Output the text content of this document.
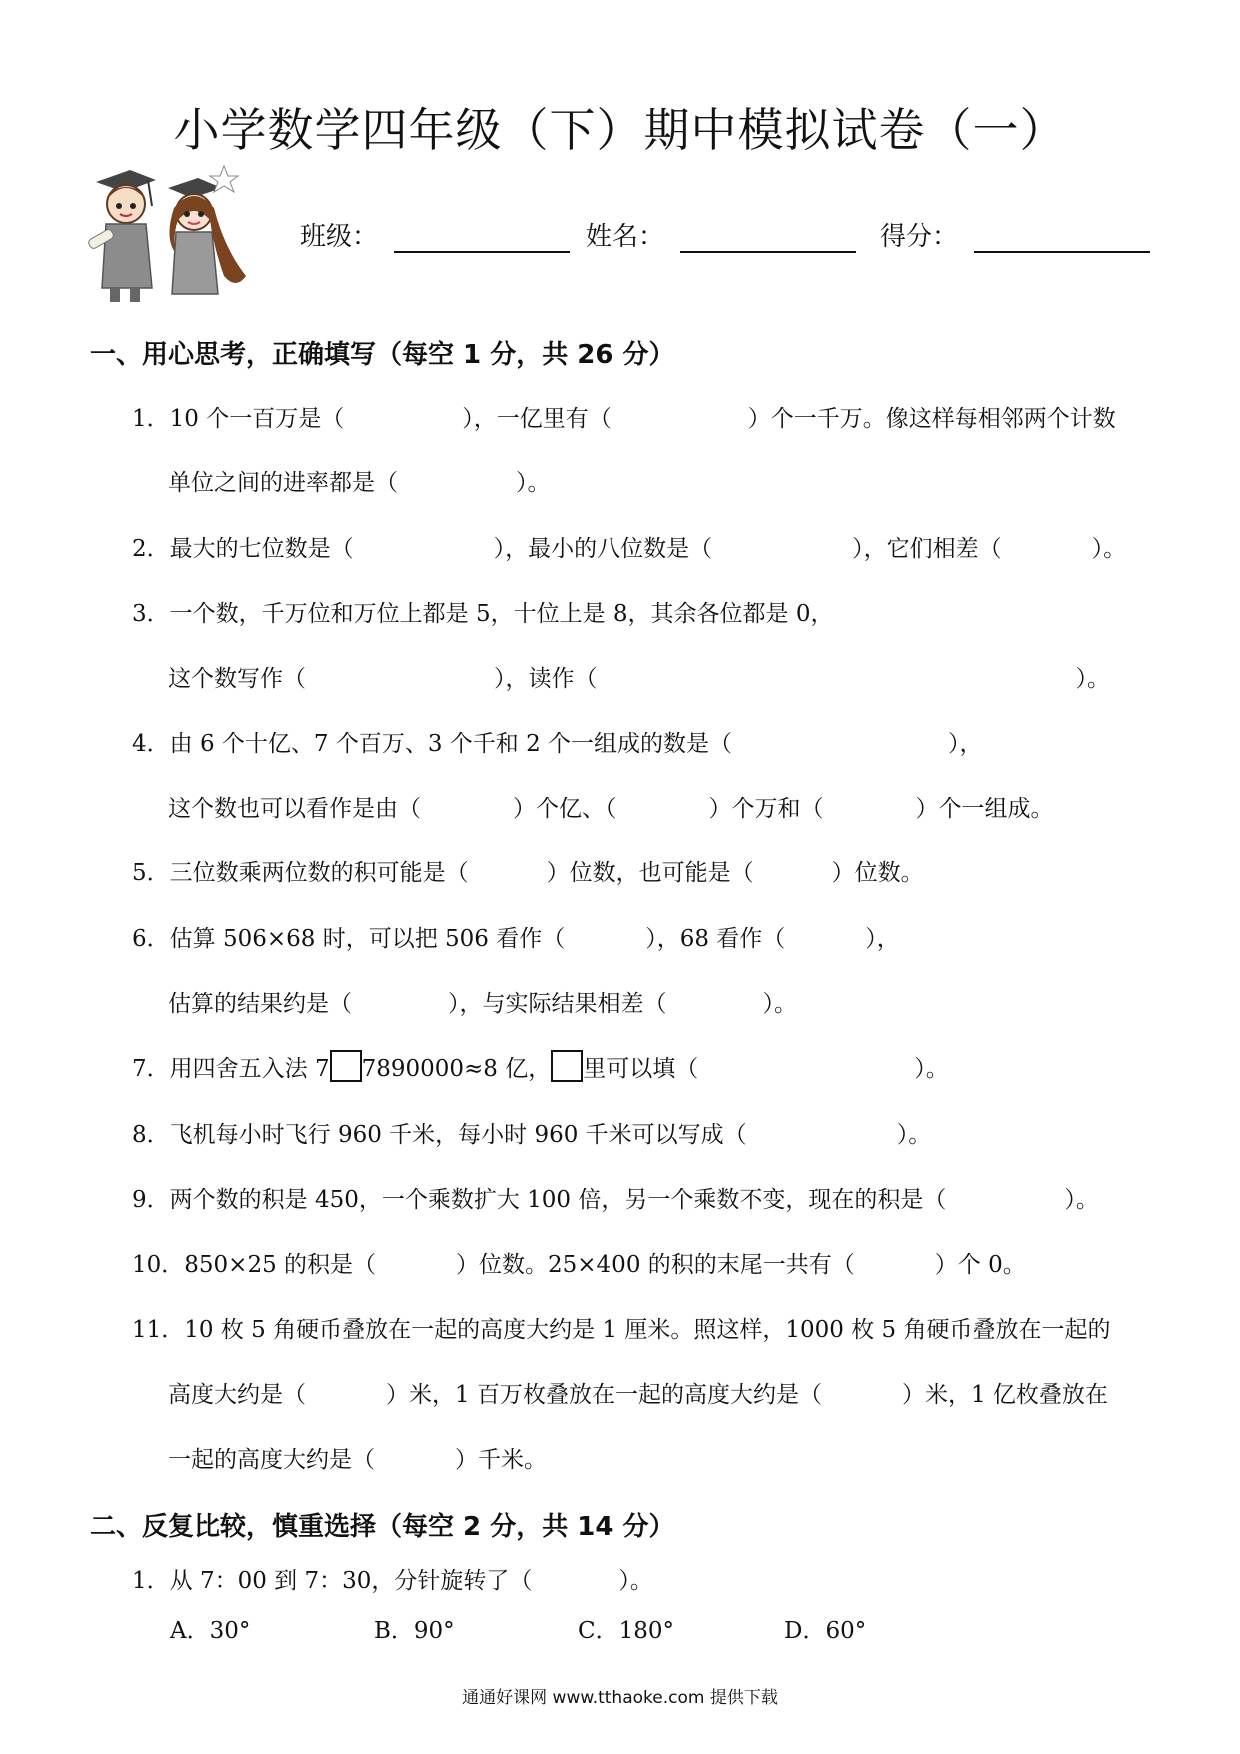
小学数学四年级（下）期中模拟试卷（一）
班级：	姓名：	得分：
一、用心思考，正确填写（每空 1 分，共 26 分）
1．10 个一百万是（	），一亿里有（	）个一千万。像这样每相邻两个计数
单位之间的进率都是（	）。
2．最大的七位数是（	），最小的八位数是（	），它们相差（	）。
3．一个数，千万位和万位上都是 5，十位上是 8，其余各位都是 0，
这个数写作（	），读作（	）。
4．由 6 个十亿、7 个百万、3 个千和 2 个一组成的数是（	），
这个数也可以看作是由（	）个亿、（	）个万和（	）个一组成。
5．三位数乘两位数的积可能是（	）位数，也可能是（	）位数。
6．估算 506×68 时，可以把 506 看作（	），68 看作（	），
估算的结果约是（	），与实际结果相差（	）。
7．用四舍五入法 7 7890000≈8 亿， 里可以填（	）。
8．飞机每小时飞行 960 千米，每小时 960 千米可以写成（	）。
9．两个数的积是 450，一个乘数扩大 100 倍，另一个乘数不变，现在的积是（	）。
10．850×25 的积是（	）位数。25×400 的积的末尾一共有（	）个 0。
11．10 枚 5 角硬币叠放在一起的高度大约是 1 厘米。照这样，1000 枚 5 角硬币叠放在一起的
高度大约是（	）米，1 百万枚叠放在一起的高度大约是（	）米，1 亿枚叠放在
一起的高度大约是（	）千米。
二、反复比较，慎重选择（每空 2 分，共 14 分）
1．从 7：00 到 7：30，分针旋转了（	）。
A．30°	B．90°	C．180°	D．60°
通通好课网 www.tthaoke.com 提供下载
